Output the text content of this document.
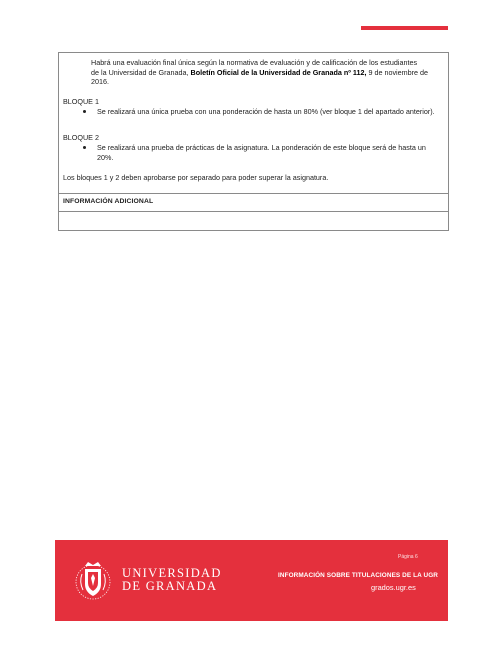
Habrá una evaluación final única según la normativa de evaluación y de calificación de los estudiantes
de la Universidad de Granada, Boletín Oficial de la Universidad de Granada nº 112, 9 de noviembre de
2016.

BLOQUE 1

Se realizará una única prueba con una ponderación de hasta un 80% (ver bloque 1 del apartado anterior).

BLOQUE 2

Se realizará una prueba de prácticas de la asignatura. La ponderación de este bloque será de hasta un 20%.

Los bloques 1 y 2 deben aprobarse por separado para poder superar la asignatura.

INFORMACIÓN ADICIONAL
UNIVERSIDAD
DE GRANADA
Página 6
INFORMACIÓN SOBRE TITULACIONES DE LA UGR
grados.ugr.es
